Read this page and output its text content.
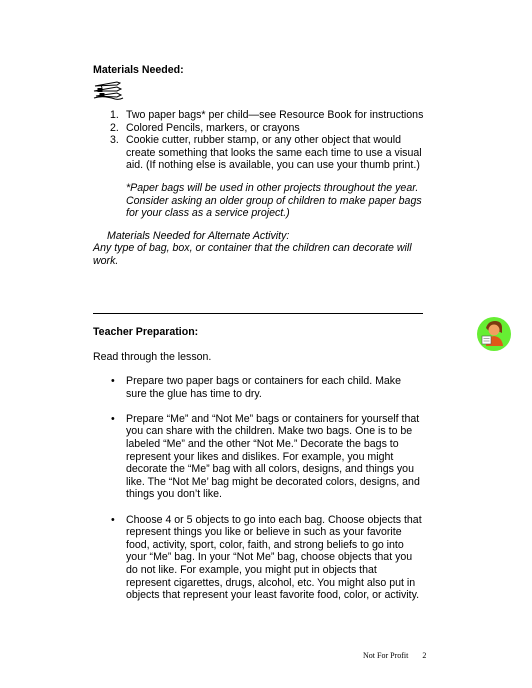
Materials Needed:
1. Two paper bags* per child—see Resource Book for instructions
2. Colored Pencils, markers, or crayons
3. Cookie cutter, rubber stamp, or any other object that would create something that looks the same each time to use a visual aid. (If nothing else is available, you can use your thumb print.)
*Paper bags will be used in other projects throughout the year. Consider asking an older group of children to make paper bags for your class as a service project.)
Materials Needed for Alternate Activity:
Any type of bag, box, or container that the children can decorate will work.
Teacher Preparation:
Read through the lesson.
• Prepare two paper bags or containers for each child. Make sure the glue has time to dry.
• Prepare “Me” and “Not Me” bags or containers for yourself that you can share with the children. Make two bags. One is to be labeled “Me” and the other “Not Me.” Decorate the bags to represent your likes and dislikes. For example, you might decorate the “Me” bag with all colors, designs, and things you like. The “Not Me’ bag might be decorated colors, designs, and things you don’t like.
• Choose 4 or 5 objects to go into each bag. Choose objects that represent things you like or believe in such as your favorite food, activity, sport, color, faith, and strong beliefs to go into your “Me” bag. In your “Not Me” bag, choose objects that you do not like. For example, you might put in objects that represent cigarettes, drugs, alcohol, etc. You might also put in objects that represent your least favorite food, color, or activity.
Not For Profit 2
